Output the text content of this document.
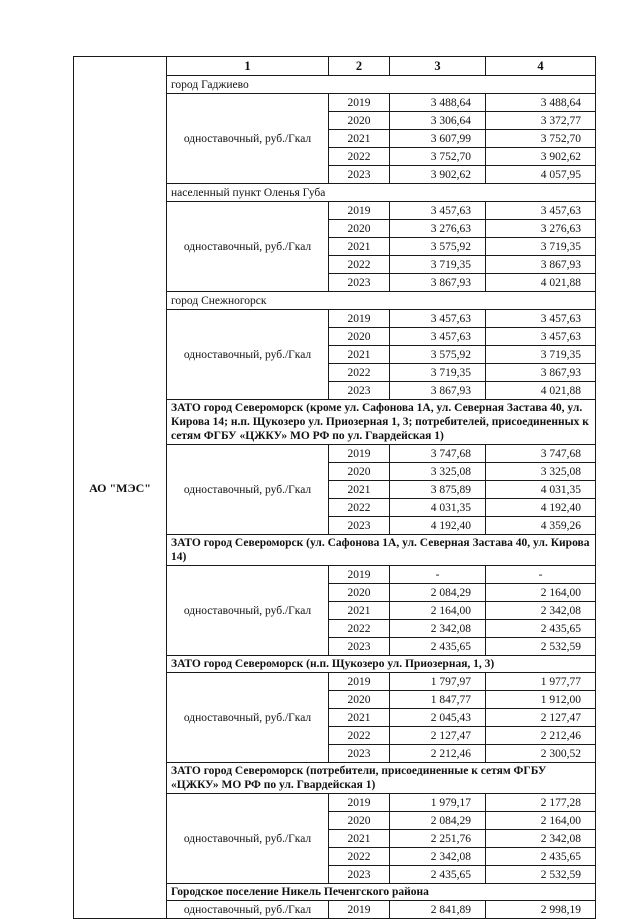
АО "МЭС"	1	2	3	4
	город Гаджиево			
	одноставочный, руб./Гкал	2019	3 488,64	3 488,64
		2020	3 306,64	3 372,77
		2021	3 607,99	3 752,70
		2022	3 752,70	3 902,62
		2023	3 902,62	4 057,95
	населенный пункт Оленья Губа			
	одноставочный, руб./Гкал	2019	3 457,63	3 457,63
		2020	3 276,63	3 276,63
		2021	3 575,92	3 719,35
		2022	3 719,35	3 867,93
		2023	3 867,93	4 021,88
	город Снежногорск			
	одноставочный, руб./Гкал	2019	3 457,63	3 457,63
		2020	3 457,63	3 457,63
		2021	3 575,92	3 719,35
		2022	3 719,35	3 867,93
		2023	3 867,93	4 021,88
	ЗАТО город Североморск (кроме ул. Сафонова 1А, ул. Северная Застава 40, ул. Кирова 14; н.п. Щукозеро ул. Приозерная 1, 3; потребителей, присоединенных к сетям ФГБУ «ЦЖКУ» МО РФ по ул. Гвардейская 1)			
	одноставочный, руб./Гкал	2019	3 747,68	3 747,68
		2020	3 325,08	3 325,08
		2021	3 875,89	4 031,35
		2022	4 031,35	4 192,40
		2023	4 192,40	4 359,26
	ЗАТО город Североморск (ул. Сафонова 1А, ул. Северная Застава 40, ул. Кирова 14)			
	одноставочный, руб./Гкал	2019	-	-
		2020	2 084,29	2 164,00
		2021	2 164,00	2 342,08
		2022	2 342,08	2 435,65
		2023	2 435,65	2 532,59
	ЗАТО город Североморск (н.п. Щукозеро ул. Приозерная, 1, 3)			
	одноставочный, руб./Гкал	2019	1 797,97	1 977,77
		2020	1 847,77	1 912,00
		2021	2 045,43	2 127,47
		2022	2 127,47	2 212,46
		2023	2 212,46	2 300,52
	ЗАТО город Североморск (потребители, присоединенные к сетям ФГБУ «ЦЖКУ» МО РФ по ул. Гвардейская 1)			
	одноставочный, руб./Гкал	2019	1 979,17	2 177,28
		2020	2 084,29	2 164,00
		2021	2 251,76	2 342,08
		2022	2 342,08	2 435,65
		2023	2 435,65	2 532,59
	Городское поселение Никель Печенгского района			
	одноставочный, руб./Гкал	2019	2 841,89	2 998,19
